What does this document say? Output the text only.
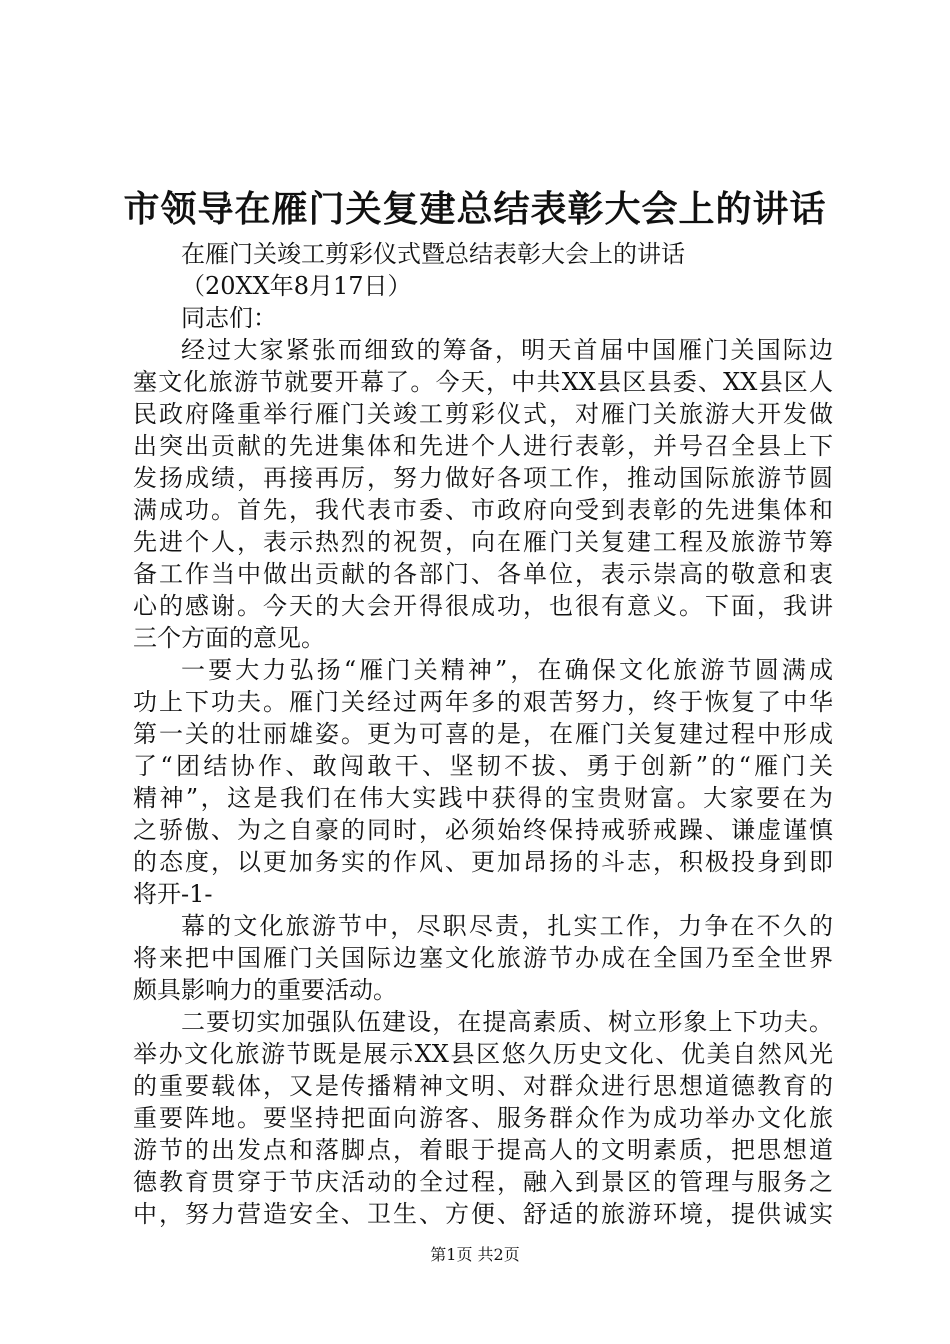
市领导在雁门关复建总结表彰大会上的讲话
在雁门关竣工剪彩仪式暨总结表彰大会上的讲话
（20XX年8月17日）
同志们：
经过大家紧张而细致的筹备，明天首届中国雁门关国际边
塞文化旅游节就要开幕了。今天，中共XX县区县委、XX县区人
民政府隆重举行雁门关竣工剪彩仪式，对雁门关旅游大开发做
出突出贡献的先进集体和先进个人进行表彰，并号召全县上下
发扬成绩，再接再厉，努力做好各项工作，推动国际旅游节圆
满成功。首先，我代表市委、市政府向受到表彰的先进集体和
先进个人，表示热烈的祝贺，向在雁门关复建工程及旅游节筹
备工作当中做出贡献的各部门、各单位，表示崇高的敬意和衷
心的感谢。今天的大会开得很成功，也很有意义。下面，我讲
三个方面的意见。
一要大力弘扬“雁门关精神”，在确保文化旅游节圆满成
功上下功夫。雁门关经过两年多的艰苦努力，终于恢复了中华
第一关的壮丽雄姿。更为可喜的是，在雁门关复建过程中形成
了“团结协作、敢闯敢干、坚韧不拔、勇于创新”的“雁门关
精神”，这是我们在伟大实践中获得的宝贵财富。大家要在为
之骄傲、为之自豪的同时，必须始终保持戒骄戒躁、谦虚谨慎
的态度，以更加务实的作风、更加昂扬的斗志，积极投身到即
将开-1-
幕的文化旅游节中，尽职尽责，扎实工作，力争在不久的
将来把中国雁门关国际边塞文化旅游节办成在全国乃至全世界
颇具影响力的重要活动。
二要切实加强队伍建设，在提高素质、树立形象上下功夫。
举办文化旅游节既是展示XX县区悠久历史文化、优美自然风光
的重要载体，又是传播精神文明、对群众进行思想道德教育的
重要阵地。要坚持把面向游客、服务群众作为成功举办文化旅
游节的出发点和落脚点，着眼于提高人的文明素质，把思想道
德教育贯穿于节庆活动的全过程，融入到景区的管理与服务之
中，努力营造安全、卫生、方便、舒适的旅游环境，提供诚实
第1页 共2页
